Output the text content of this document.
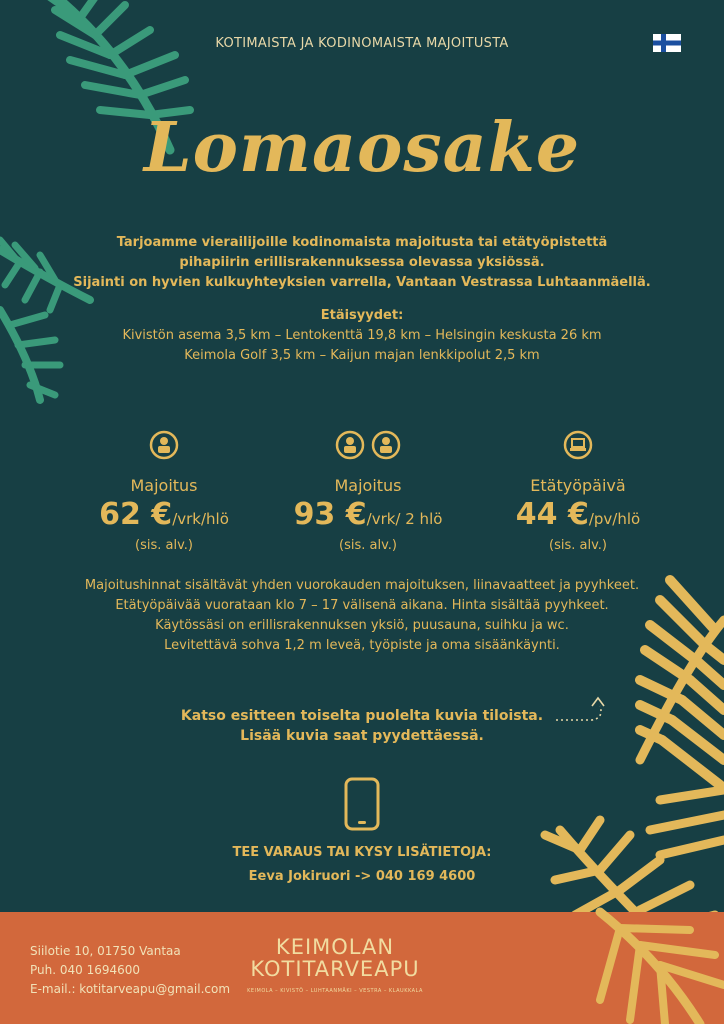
KOTIMAISTA JA KODINOMAISTA MAJOITUSTA
Lomaosake
Tarjoamme vierailijoille kodinomaista majoitusta tai etätyöpistettä
pihapiirin erillisrakennuksessa olevassa yksiössä.
Sijainti on hyvien kulkuyhteyksien varrella, Vantaan Vestrassa Luhtaanmäellä.
Etäisyydet:
Kivistön asema 3,5 km – Lentokenttä 19,8 km – Helsingin keskusta 26 km
Keimola Golf 3,5 km – Kaijun majan lenkkipolut 2,5 km
Majoitus
62 €/vrk/hlö
(sis. alv.)
Majoitus
93 €/vrk/ 2 hlö
(sis. alv.)
Etätyöpäivä
44 €/pv/hlö
(sis. alv.)
Majoitushinnat sisältävät yhden vuorokauden majoituksen, liinavaatteet ja pyyhkeet.
Etätyöpäivää vuorataan klo 7 – 17 välisenä aikana. Hinta sisältää pyyhkeet.
Käytössäsi on erillisrakennuksen yksiö, puusauna, suihku ja wc.
Levitettävä sohva 1,2 m leveä, työpiste ja oma sisäänkäynti.
Katso esitteen toiselta puolelta kuvia tiloista.
Lisää kuvia saat pyydettäessä.
TEE VARAUS TAI KYSY LISÄTIETOJA:
Eeva Jokiruori -> 040 169 4600
Siilotie 10, 01750 Vantaa
Puh. 040 1694600
E-mail.: kotitarveapu@gmail.com
KEIMOLAN
KOTITARVEAPU
KEIMOLA – KIVISTÖ – LUHTAANMÄKI – VESTRA – KLAUKKALA
